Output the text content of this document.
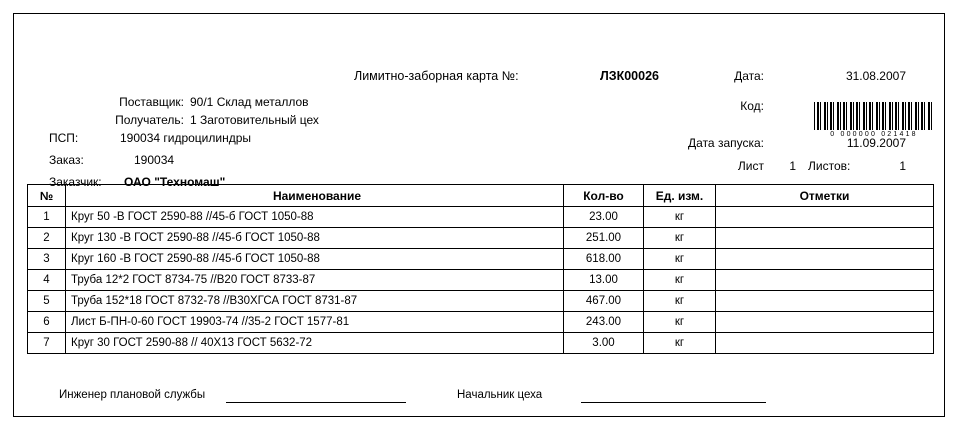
Лимитно-заборная карта №:	ЛЗК00026
Поставщик: 90/1 Склад металлов
Получатель: 1 Заготовительный цех
ПСП:	190034 гидроцилиндры
Заказ:	190034
Заказчик:	ОАО "Техномаш"
Дата:	31.08.2007
Код:
0 000000 021418
Дата запуска:	11.09.2007
Лист	1 Листов:	1
№	Наименование	Кол-во	Ед. изм.	Отметки
1	Круг 50 -В ГОСТ 2590-88 //45-б ГОСТ 1050-88	23.00	кг	
2	Круг 130 -В ГОСТ 2590-88 //45-б ГОСТ 1050-88	251.00	кг	
3	Круг 160 -В ГОСТ 2590-88 //45-б ГОСТ 1050-88	618.00	кг	
4	Труба 12*2 ГОСТ 8734-75 //В20 ГОСТ 8733-87	13.00	кг	
5	Труба 152*18 ГОСТ 8732-78 //В30ХГСА ГОСТ 8731-87	467.00	кг	
6	Лист Б-ПН-0-60 ГОСТ 19903-74 //35-2 ГОСТ 1577-81	243.00	кг	
7	Круг 30 ГОСТ 2590-88 // 40Х13 ГОСТ 5632-72	3.00	кг	
Инженер плановой службы	Начальник цеха
